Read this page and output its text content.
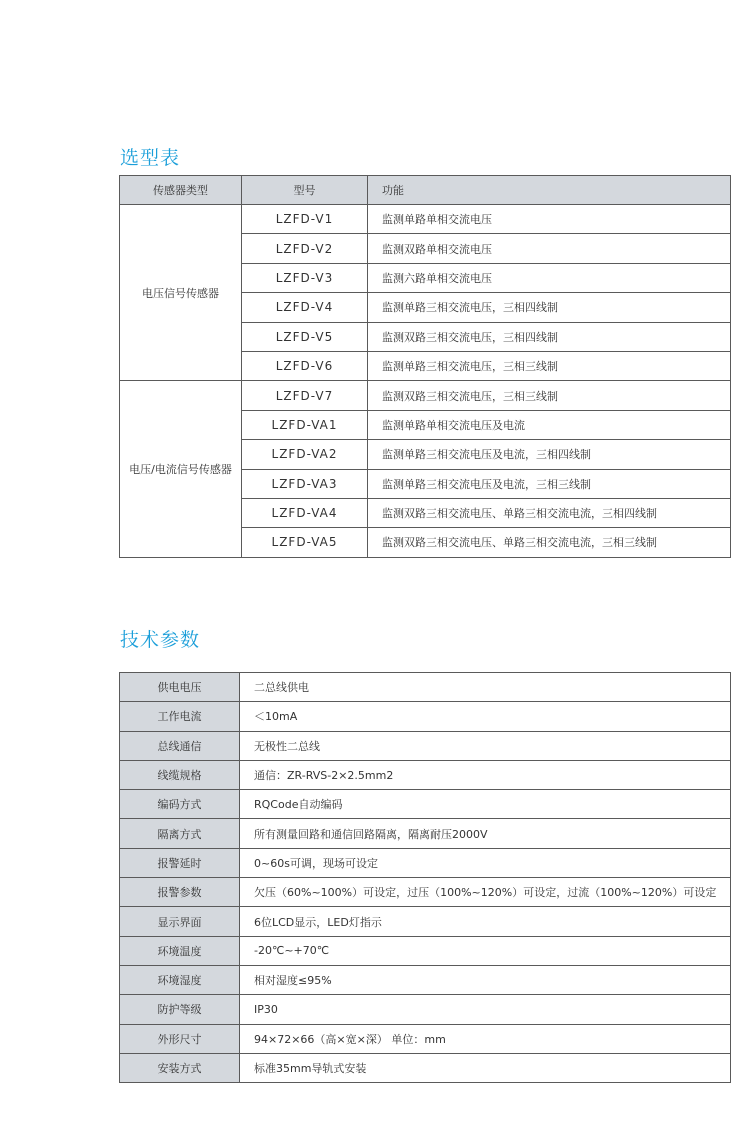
选型表
传感器类型	型号	功能
电压信号传感器	LZFD-V1	监测单路单相交流电压
	LZFD-V2	监测双路单相交流电压
	LZFD-V3	监测六路单相交流电压
	LZFD-V4	监测单路三相交流电压，三相四线制
	LZFD-V5	监测双路三相交流电压，三相四线制
	LZFD-V6	监测单路三相交流电压，三相三线制
电压/电流信号传感器	LZFD-V7	监测双路三相交流电压，三相三线制
	LZFD-VA1	监测单路单相交流电压及电流
	LZFD-VA2	监测单路三相交流电压及电流，三相四线制
	LZFD-VA3	监测单路三相交流电压及电流，三相三线制
	LZFD-VA4	监测双路三相交流电压、单路三相交流电流，三相四线制
	LZFD-VA5	监测双路三相交流电压、单路三相交流电流，三相三线制
技术参数
供电电压	二总线供电
工作电流	＜10mA
总线通信	无极性二总线
线缆规格	通信：ZR-RVS-2×2.5mm2
编码方式	RQCode自动编码
隔离方式	所有测量回路和通信回路隔离，隔离耐压2000V
报警延时	0~60s可调，现场可设定
报警参数	欠压（60%~100%）可设定，过压（100%~120%）可设定，过流（100%~120%）可设定
显示界面	6位LCD显示，LED灯指示
环境温度	-20℃~+70℃
环境湿度	相对湿度≤95%
防护等级	IP30
外形尺寸	94×72×66（高×宽×深） 单位：mm
安装方式	标准35mm导轨式安装
